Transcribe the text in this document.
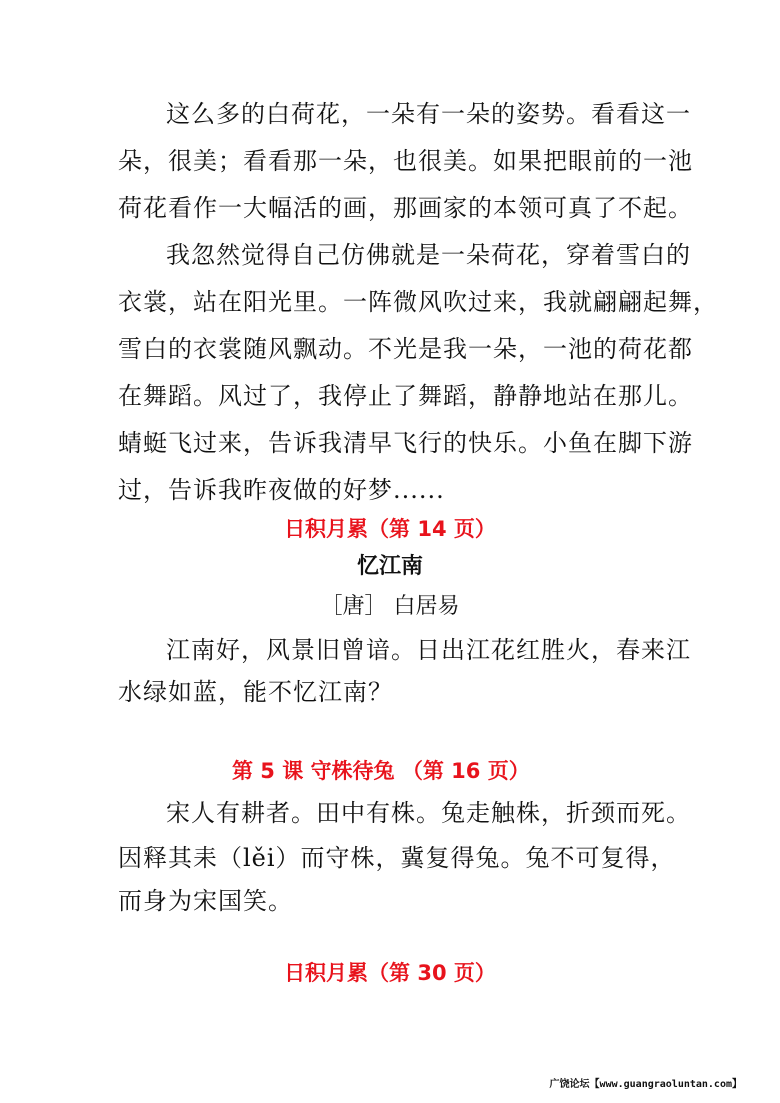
这么多的白荷花，一朵有一朵的姿势。看看这一
朵，很美；看看那一朵，也很美。如果把眼前的一池
荷花看作一大幅活的画，那画家的本领可真了不起。
我忽然觉得自己仿佛就是一朵荷花，穿着雪白的
衣裳，站在阳光里。一阵微风吹过来，我就翩翩起舞，
雪白的衣裳随风飘动。不光是我一朵，一池的荷花都
在舞蹈。风过了，我停止了舞蹈，静静地站在那儿。
蜻蜓飞过来，告诉我清早飞行的快乐。小鱼在脚下游
过，告诉我昨夜做的好梦......
日积月累（第 14 页）
忆江南
［唐］ 白居易
江南好，风景旧曾谙。日出江花红胜火，春来江
水绿如蓝，能不忆江南？
第 5 课 守株待兔 （第 16 页）
宋人有耕者。田中有株。兔走触株，折颈而死。
因释其耒（lěi）而守株，冀复得兔。兔不可复得，
而身为宋国笑。
日积月累（第 30 页）
广饶论坛【www.guangraoluntan.com】
